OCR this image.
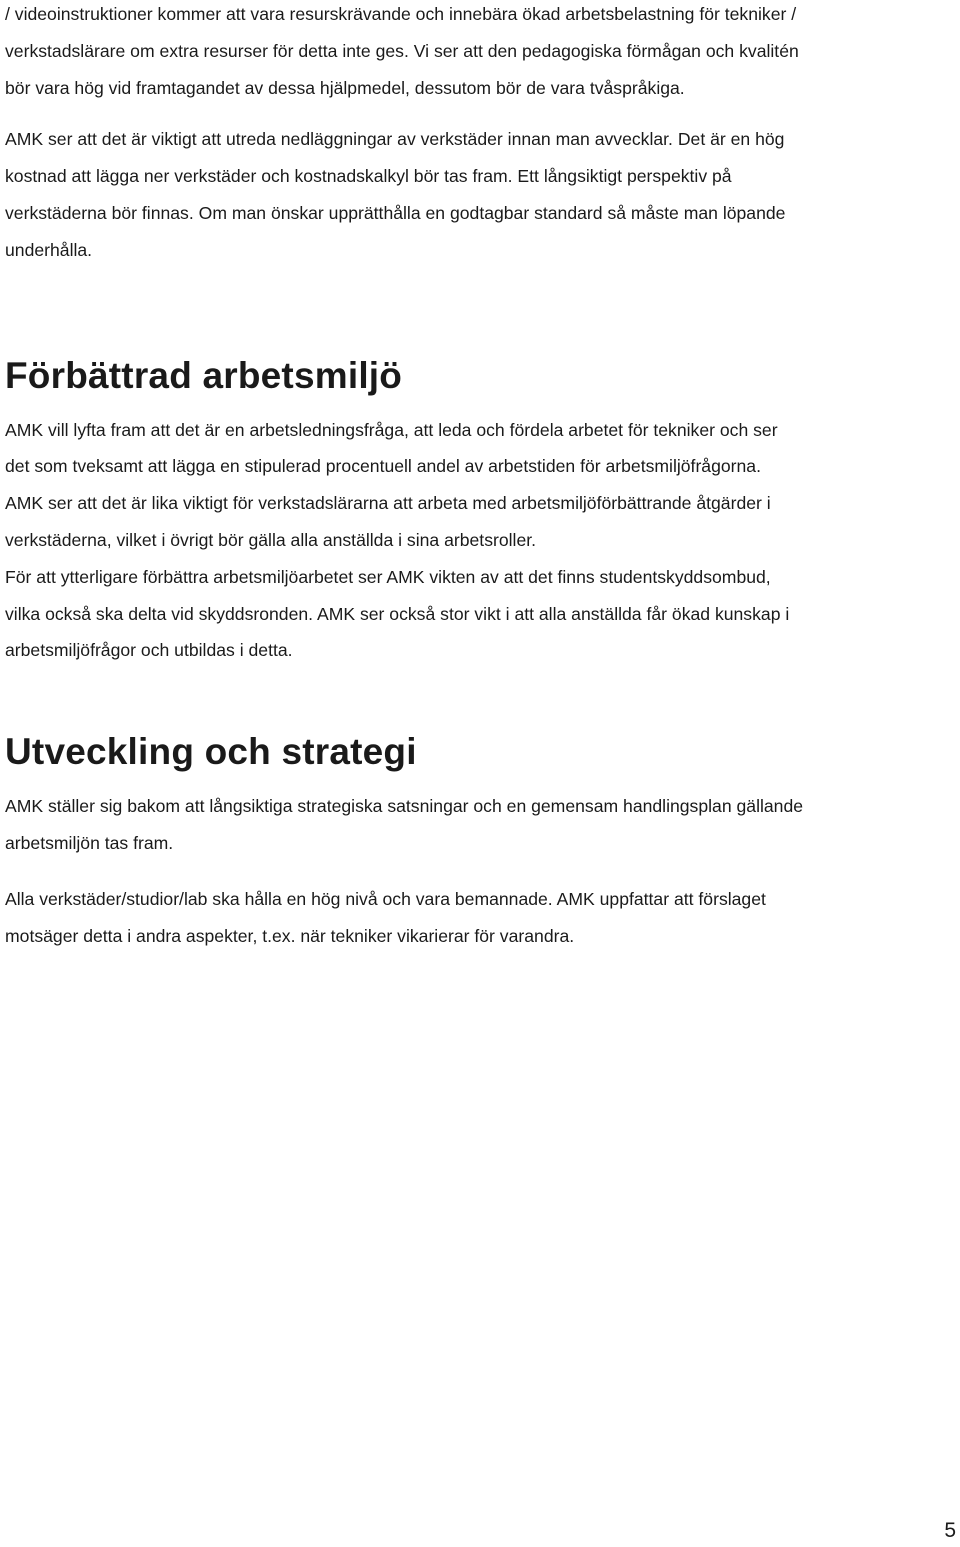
/ videoinstruktioner kommer att vara resurskrävande och innebära ökad arbetsbelastning för tekniker /
verkstadslärare om extra resurser för detta inte ges. Vi ser att den pedagogiska förmågan och kvalitén
bör vara hög vid framtagandet av dessa hjälpmedel, dessutom bör de vara tvåspråkiga.

AMK ser att det är viktigt att utreda nedläggningar av verkstäder innan man avvecklar. Det är en hög
kostnad att lägga ner verkstäder och kostnadskalkyl bör tas fram. Ett långsiktigt perspektiv på
verkstäderna bör finnas. Om man önskar upprätthålla en godtagbar standard så måste man löpande
underhålla.

Förbättrad arbetsmiljö

AMK vill lyfta fram att det är en arbetsledningsfråga, att leda och fördela arbetet för tekniker och ser
det som tveksamt att lägga en stipulerad procentuell andel av arbetstiden för arbetsmiljöfrågorna.

AMK ser att det är lika viktigt för verkstadslärarna att arbeta med arbetsmiljöförbättrande åtgärder i
verkstäderna, vilket i övrigt bör gälla alla anställda i sina arbetsroller.

För att ytterligare förbättra arbetsmiljöarbetet ser AMK vikten av att det finns studentskyddsombud,
vilka också ska delta vid skyddsronden. AMK ser också stor vikt i att alla anställda får ökad kunskap i
arbetsmiljöfrågor och utbildas i detta.

Utveckling och strategi

AMK ställer sig bakom att långsiktiga strategiska satsningar och en gemensam handlingsplan gällande
arbetsmiljön tas fram.

Alla verkstäder/studior/lab ska hålla en hög nivå och vara bemannade. AMK uppfattar att förslaget
motsäger detta i andra aspekter, t.ex. när tekniker vikarierar för varandra.

5
